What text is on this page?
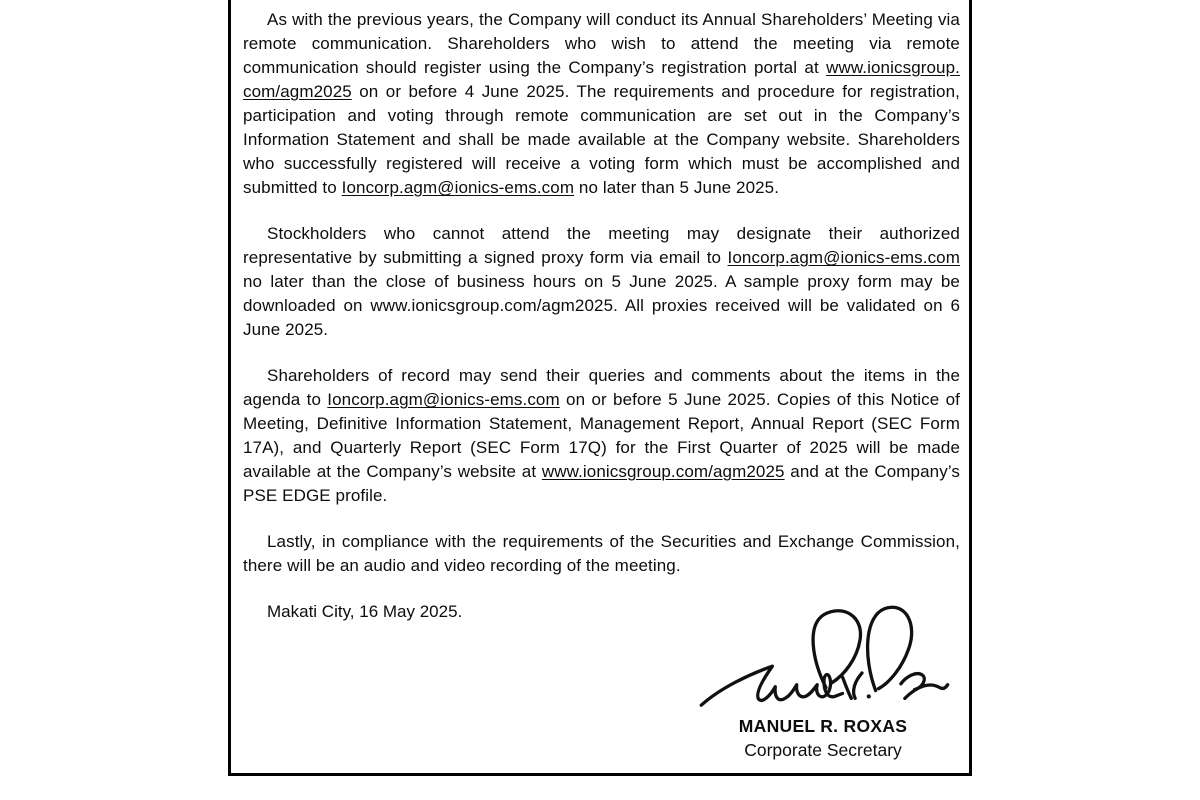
As with the previous years, the Company will conduct its Annual Shareholders’ Meeting via remote communication. Shareholders who wish to attend the meeting via remote communication should register using the Company’s registration portal at www.ionicsgroup.com/agm2025 on or before 4 June 2025. The requirements and procedure for registration, participation and voting through remote communication are set out in the Company’s Information Statement and shall be made available at the Company website. Shareholders who successfully registered will receive a voting form which must be accomplished and submitted to Ioncorp.agm@ionics-ems.com no later than 5 June 2025.

Stockholders who cannot attend the meeting may designate their authorized representative by submitting a signed proxy form via email to Ioncorp.agm@ionics-ems.com no later than the close of business hours on 5 June 2025. A sample proxy form may be downloaded on www.ionicsgroup.com/agm2025. All proxies received will be validated on 6 June 2025.

Shareholders of record may send their queries and comments about the items in the agenda to Ioncorp.agm@ionics-ems.com on or before 5 June 2025. Copies of this Notice of Meeting, Definitive Information Statement, Management Report, Annual Report (SEC Form 17A), and Quarterly Report (SEC Form 17Q) for the First Quarter of 2025 will be made available at the Company’s website at www.ionicsgroup.com/agm2025 and at the Company’s PSE EDGE profile.

Lastly, in compliance with the requirements of the Securities and Exchange Commission, there will be an audio and video recording of the meeting.

Makati City, 16 May 2025.

MANUEL R. ROXAS
Corporate Secretary
